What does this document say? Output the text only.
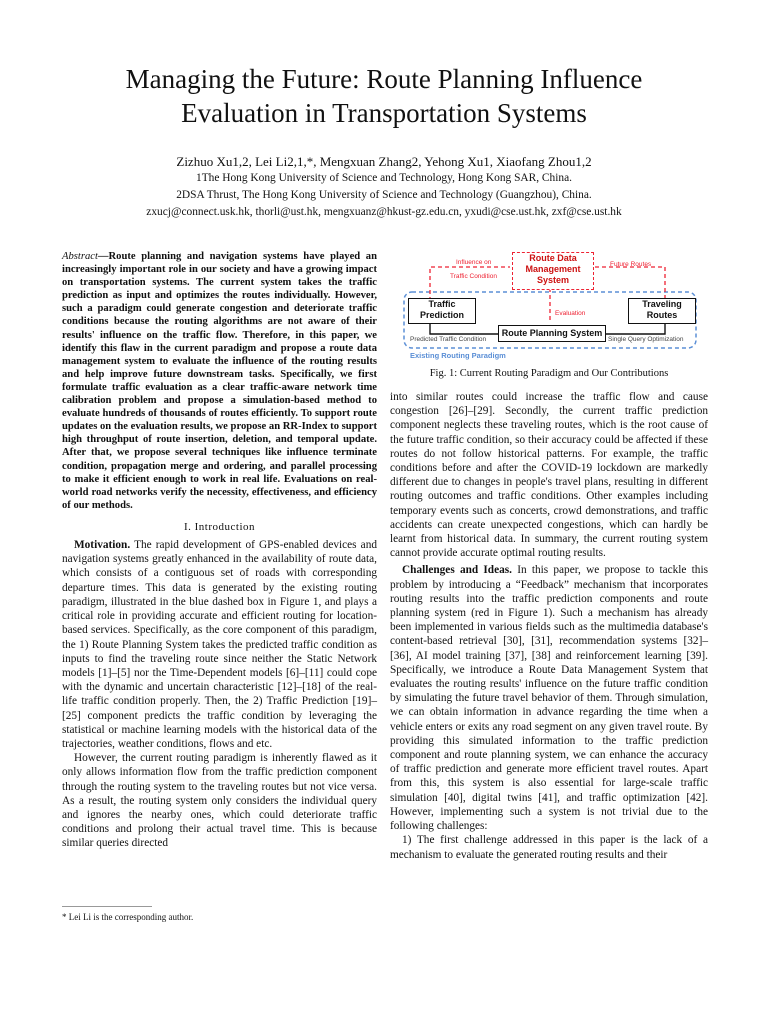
Managing the Future: Route Planning Influence
Evaluation in Transportation Systems
Zizhuo Xu1,2, Lei Li2,1,*, Mengxuan Zhang2, Yehong Xu1, Xiaofang Zhou1,2
1The Hong Kong University of Science and Technology, Hong Kong SAR, China.
2DSA Thrust, The Hong Kong University of Science and Technology (Guangzhou), China.
zxucj@connect.usk.hk, thorli@ust.hk, mengxuanz@hkust-gz.edu.cn, yxudi@cse.ust.hk, zxf@cse.ust.hk

Abstract—Route planning and navigation systems have played an increasingly important role in our society and have a growing impact on transportation systems. The current system takes the traffic prediction as input and optimizes the routes individually. However, such a paradigm could generate congestion and deteriorate traffic conditions because the routing algorithms are not aware of their results' influence on the traffic flow. Therefore, in this paper, we identify this flaw in the current paradigm and propose a route data management system to evaluate the influence of the routing results and help improve future downstream tasks. Specifically, we first formulate traffic evaluation as a clear traffic-aware network time calibration problem and propose a simulation-based method to evaluate hundreds of thousands of routes efficiently. To support route updates on the evaluation results, we propose an RR-Index to support high throughput of route insertion, deletion, and temporal update. After that, we propose several techniques like influence terminate condition, propagation merge and ordering, and parallel processing to make it efficient enough to work in real life. Evaluations on real-world road networks verify the necessity, effectiveness, and efficiency of our methods.

I. Introduction

Motivation. The rapid development of GPS-enabled devices and navigation systems greatly enhanced in the availability of route data, which consists of a contiguous set of roads with corresponding departure times. This data is generated by the existing routing paradigm, illustrated in the blue dashed box in Figure 1, and plays a critical role in providing accurate and efficient routing for location-based services. Specifically, as the core component of this paradigm, the 1) Route Planning System takes the predicted traffic condition as inputs to find the traveling route since neither the Static Network models [1]–[5] nor the Time-Dependent models [6]–[11] could cope with the dynamic and uncertain characteristic [12]–[18] of the real-life traffic condition properly. Then, the 2) Traffic Prediction [19]–[25] component predicts the traffic condition by leveraging the statistical or machine learning models with the historical data of the trajectories, weather conditions, flows and etc.

However, the current routing paradigm is inherently flawed as it only allows information flow from the traffic prediction component through the routing system to the traveling routes but not vice versa. As a result, the routing system only considers the individual query and ignores the nearby ones, which could deteriorate traffic conditions and prolong their actual travel time. This is because similar queries directed

* Lei Li is the corresponding author.
Route Data Management System
Influence on
Traffic Condition
Future Routes
Evaluation
Traffic Prediction
Traveling Routes
Route Planning System
Predicted Traffic Condition	Single Query Optimization
Existing Routing Paradigm
Fig. 1: Current Routing Paradigm and Our Contributions

into similar routes could increase the traffic flow and cause congestion [26]–[29]. Secondly, the current traffic prediction component neglects these traveling routes, which is the root cause of the future traffic condition, so their accuracy could be affected if these routes do not follow historical patterns. For example, the traffic conditions before and after the COVID-19 lockdown are markedly different due to changes in people's travel plans, resulting in different routing outcomes and traffic conditions. Other examples including temporary events such as concerts, crowd demonstrations, and traffic accidents can create unexpected congestions, which can hardly be learnt from historical data. In summary, the current routing system cannot provide accurate optimal routing results.

Challenges and Ideas. In this paper, we propose to tackle this problem by introducing a “Feedback” mechanism that incorporates routing results into the traffic prediction components and route planning system (red in Figure 1). Such a mechanism has already been implemented in various fields such as the multimedia database's content-based retrieval [30], [31], recommendation systems [32]–[36], AI model training [37], [38] and reinforcement learning [39]. Specifically, we introduce a Route Data Management System that evaluates the routing results' influence on the future traffic condition by simulating the future travel behavior of them. Through simulation, we can obtain information in advance regarding the time when a vehicle enters or exits any road segment on any given travel route. By providing this simulated information to the traffic prediction component and route planning system, we can enhance the accuracy of traffic prediction and generate more efficient travel routes. Apart from this, this system is also essential for large-scale traffic simulation [40], digital twins [41], and traffic optimization [42]. However, implementing such a system is not trivial due to the following challenges:

1) The first challenge addressed in this paper is the lack of a mechanism to evaluate the generated routing results and their
